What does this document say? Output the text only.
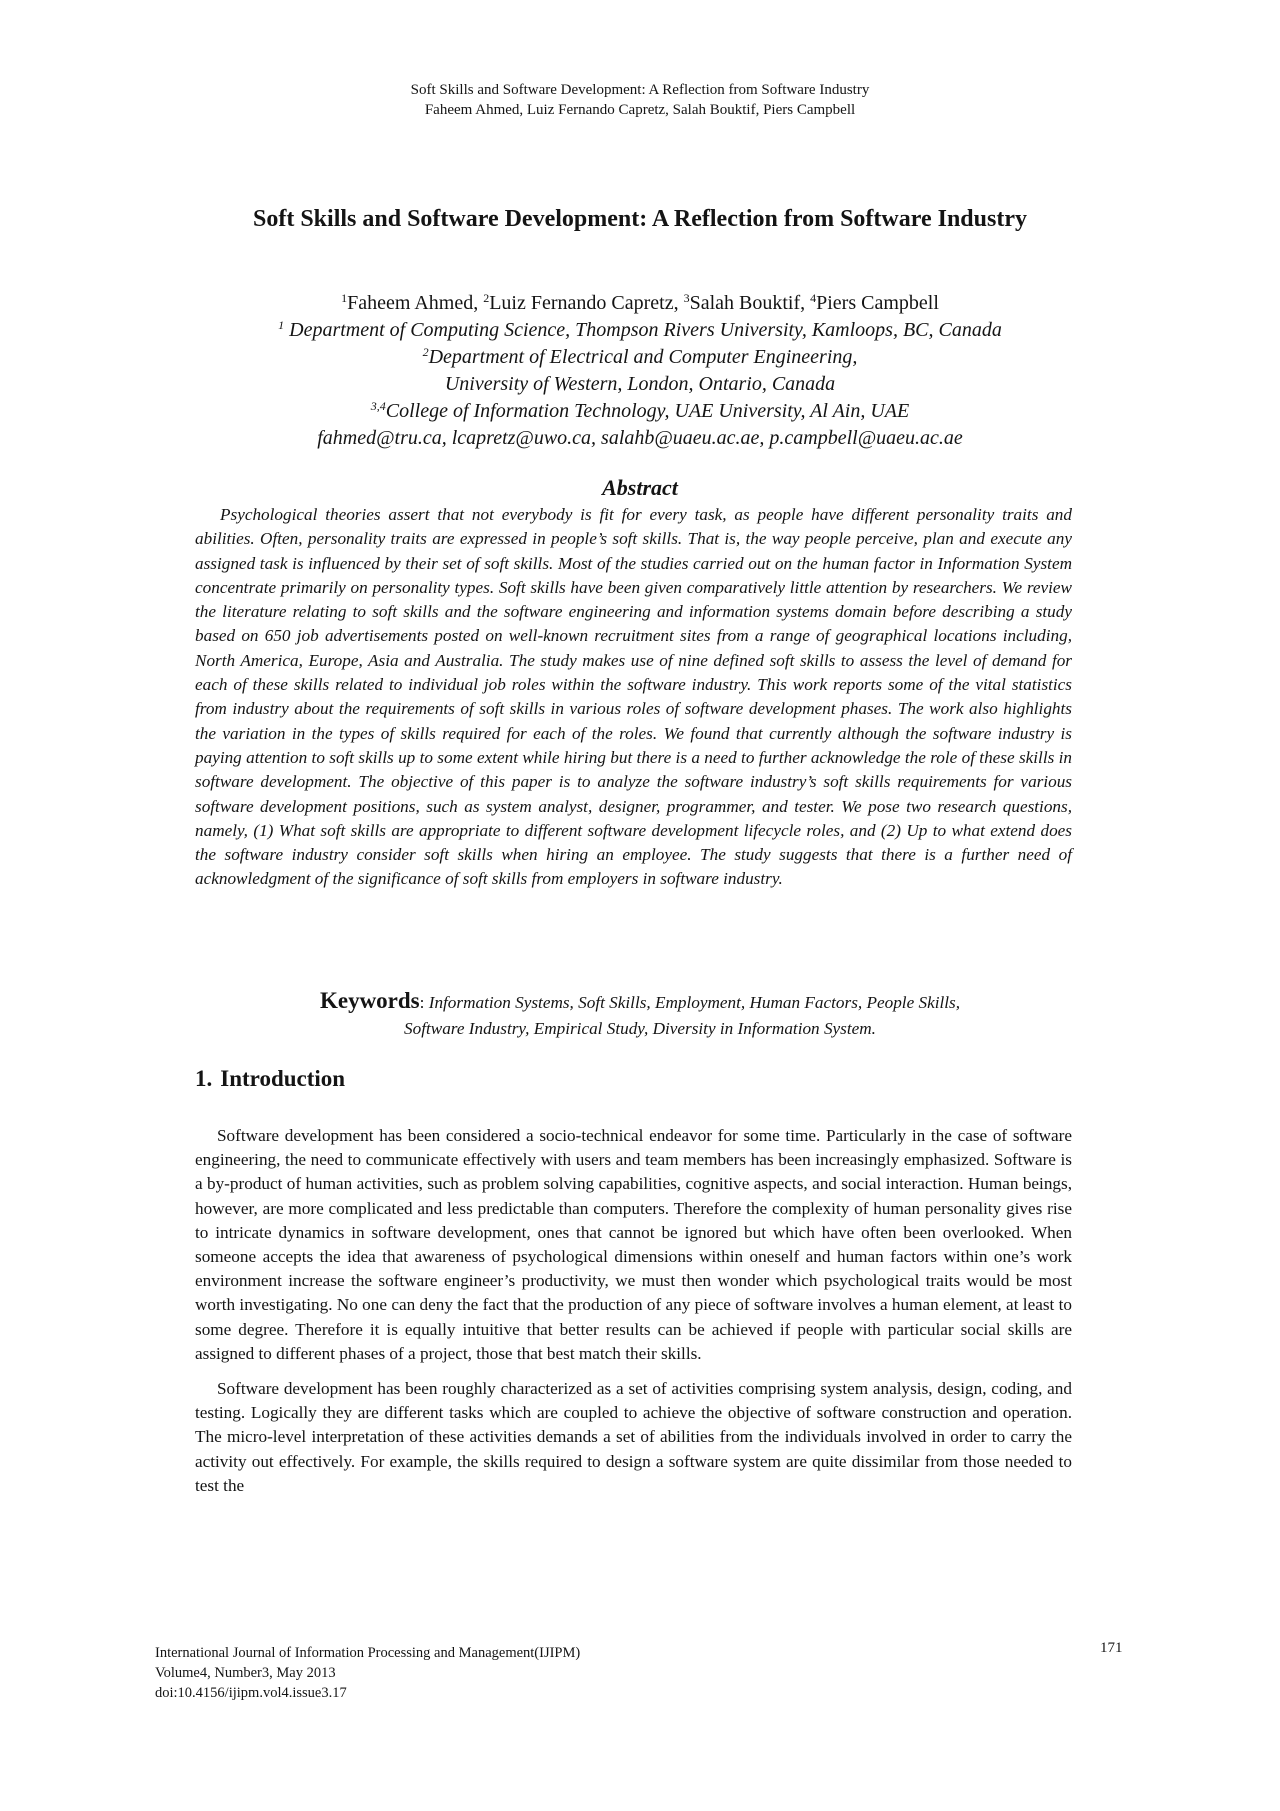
Soft Skills and Software Development: A Reflection from Software Industry
Faheem Ahmed, Luiz Fernando Capretz, Salah Bouktif, Piers Campbell
Soft Skills and Software Development: A Reflection from Software Industry
$^1$Faheem Ahmed, $^2$Luiz Fernando Capretz, $^3$Salah Bouktif, $^4$Piers Campbell
$^1$ Department of Computing Science, Thompson Rivers University, Kamloops, BC, Canada
$^2$Department of Electrical and Computer Engineering,
University of Western, London, Ontario, Canada
$^{3,4}$College of Information Technology, UAE University, Al Ain, UAE
fahmed@tru.ca, lcapretz@uwo.ca, salahb@uaeu.ac.ae, p.campbell@uaeu.ac.ae
Abstract
Psychological theories assert that not everybody is fit for every task, as people have different personality traits and abilities. Often, personality traits are expressed in people’s soft skills. That is, the way people perceive, plan and execute any assigned task is influenced by their set of soft skills. Most of the studies carried out on the human factor in Information System concentrate primarily on personality types. Soft skills have been given comparatively little attention by researchers. We review the literature relating to soft skills and the software engineering and information systems domain before describing a study based on 650 job advertisements posted on well-known recruitment sites from a range of geographical locations including, North America, Europe, Asia and Australia. The study makes use of nine defined soft skills to assess the level of demand for each of these skills related to individual job roles within the software industry. This work reports some of the vital statistics from industry about the requirements of soft skills in various roles of software development phases. The work also highlights the variation in the types of skills required for each of the roles. We found that currently although the software industry is paying attention to soft skills up to some extent while hiring but there is a need to further acknowledge the role of these skills in software development. The objective of this paper is to analyze the software industry’s soft skills requirements for various software development positions, such as system analyst, designer, programmer, and tester. We pose two research questions, namely, (1) What soft skills are appropriate to different software development lifecycle roles, and (2) Up to what extend does the software industry consider soft skills when hiring an employee. The study suggests that there is a further need of acknowledgment of the significance of soft skills from employers in software industry.
Keywords: Information Systems, Soft Skills, Employment, Human Factors, People Skills,
Software Industry, Empirical Study, Diversity in Information System.
1. Introduction

Software development has been considered a socio-technical endeavor for some time. Particularly in the case of software engineering, the need to communicate effectively with users and team members has been increasingly emphasized. Software is a by-product of human activities, such as problem solving capabilities, cognitive aspects, and social interaction. Human beings, however, are more complicated and less predictable than computers. Therefore the complexity of human personality gives rise to intricate dynamics in software development, ones that cannot be ignored but which have often been overlooked. When someone accepts the idea that awareness of psychological dimensions within oneself and human factors within one’s work environment increase the software engineer’s productivity, we must then wonder which psychological traits would be most worth investigating. No one can deny the fact that the production of any piece of software involves a human element, at least to some degree. Therefore it is equally intuitive that better results can be achieved if people with particular social skills are assigned to different phases of a project, those that best match their skills.

Software development has been roughly characterized as a set of activities comprising system analysis, design, coding, and testing. Logically they are different tasks which are coupled to achieve the objective of software construction and operation. The micro-level interpretation of these activities demands a set of abilities from the individuals involved in order to carry the activity out effectively. For example, the skills required to design a software system are quite dissimilar from those needed to test the

International Journal of Information Processing and Management(IJIPM)
Volume4, Number3, May 2013
doi:10.4156/ijipm.vol4.issue3.17
171
